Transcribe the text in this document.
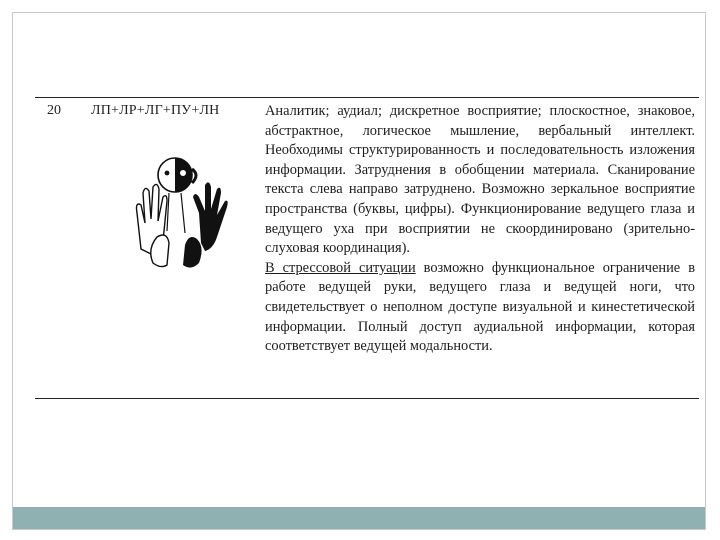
20 ЛП+ЛР+ЛГ+ПУ+ЛН	Аналитик; аудиал; дискретное восприятие; плоскостное, знаковое, абстрактное, логическое мышление, вербальный интеллект. Необходимы структурированность и последовательность изложения информации. Затруднения в обобщении материала. Сканирование текста слева направо затруднено. Возможно зеркальное восприятие пространства (буквы, цифры). Функционирование ведущего глаза и ведущего уха при восприятии не скоординировано (зрительно-слуховая координация).

В стрессовой ситуации возможно функциональное ограничение в работе ведущей руки, ведущего глаза и ведущей ноги, что свидетельствует о неполном доступе визуальной и кинестетической информации. Полный доступ аудиальной информации, которая соответствует ведущей модальности.
